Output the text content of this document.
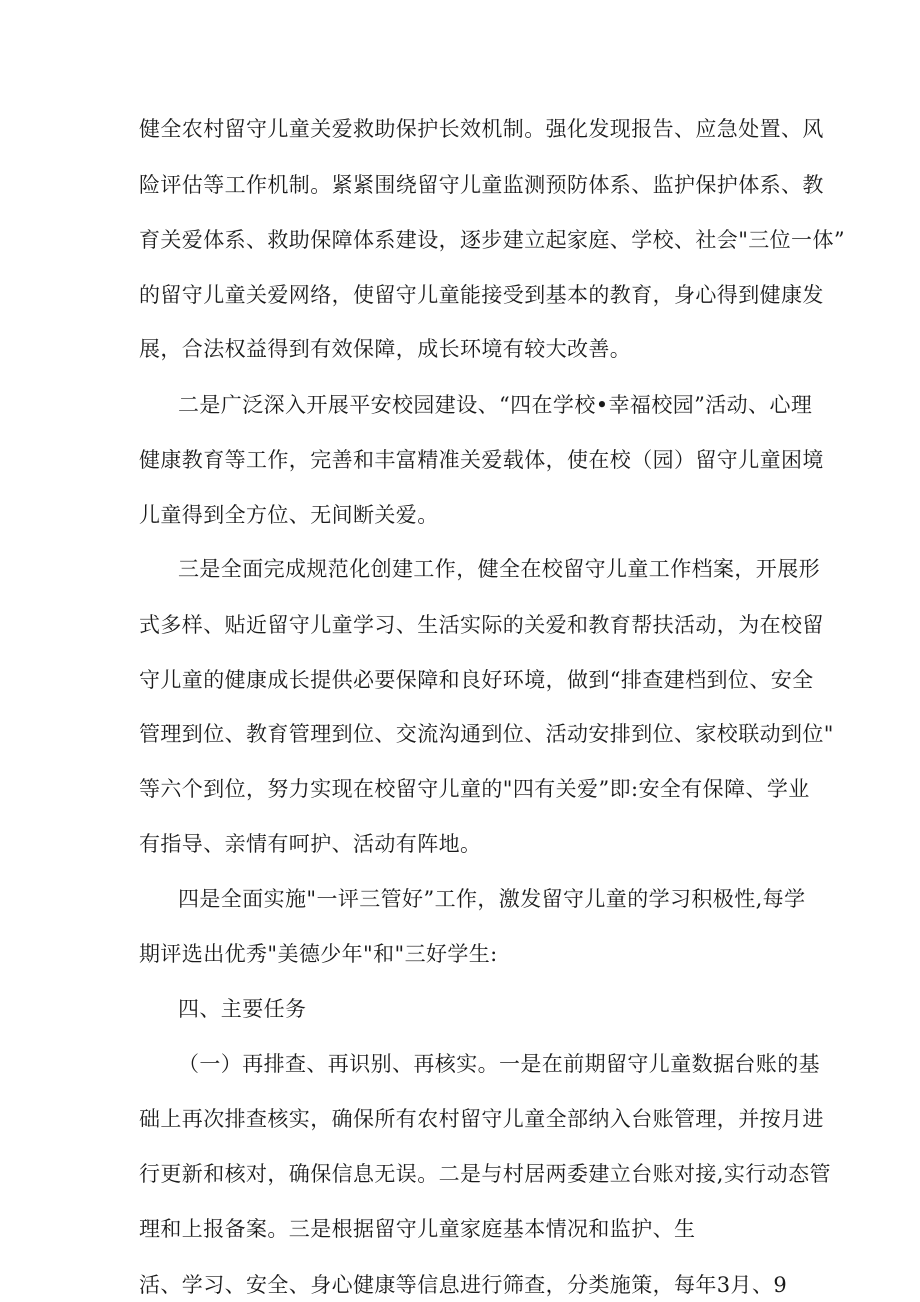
健全农村留守儿童关爱救助保护长效机制。强化发现报告、应急处置、风
险评估等工作机制。紧紧围绕留守儿童监测预防体系、监护保护体系、教
育关爱体系、救助保障体系建设，逐步建立起家庭、学校、社会"三位一体”
的留守儿童关爱网络，使留守儿童能接受到基本的教育，身心得到健康发
展，合法权益得到有效保障，成长环境有较大改善。
二是广泛深入开展平安校园建设、“四在学校•幸福校园”活动、心理
健康教育等工作，完善和丰富精准关爱载体，使在校（园）留守儿童困境
儿童得到全方位、无间断关爱。
三是全面完成规范化创建工作，健全在校留守儿童工作档案，开展形
式多样、贴近留守儿童学习、生活实际的关爱和教育帮扶活动，为在校留
守儿童的健康成长提供必要保障和良好环境，做到“排查建档到位、安全
管理到位、教育管理到位、交流沟通到位、活动安排到位、家校联动到位"
等六个到位，努力实现在校留守儿童的"四有关爱”即:安全有保障、学业
有指导、亲情有呵护、活动有阵地。
四是全面实施"一评三管好”工作，激发留守儿童的学习积极性,每学
期评选出优秀"美德少年"和"三好学生:
四、主要任务
（一）再排查、再识别、再核实。一是在前期留守儿童数据台账的基
础上再次排查核实，确保所有农村留守儿童全部纳入台账管理，并按月进
行更新和核对，确保信息无误。二是与村居两委建立台账对接,实行动态管
理和上报备案。三是根据留守儿童家庭基本情况和监护、生
活、学习、安全、身心健康等信息进行筛查，分类施策，每年3月、9
